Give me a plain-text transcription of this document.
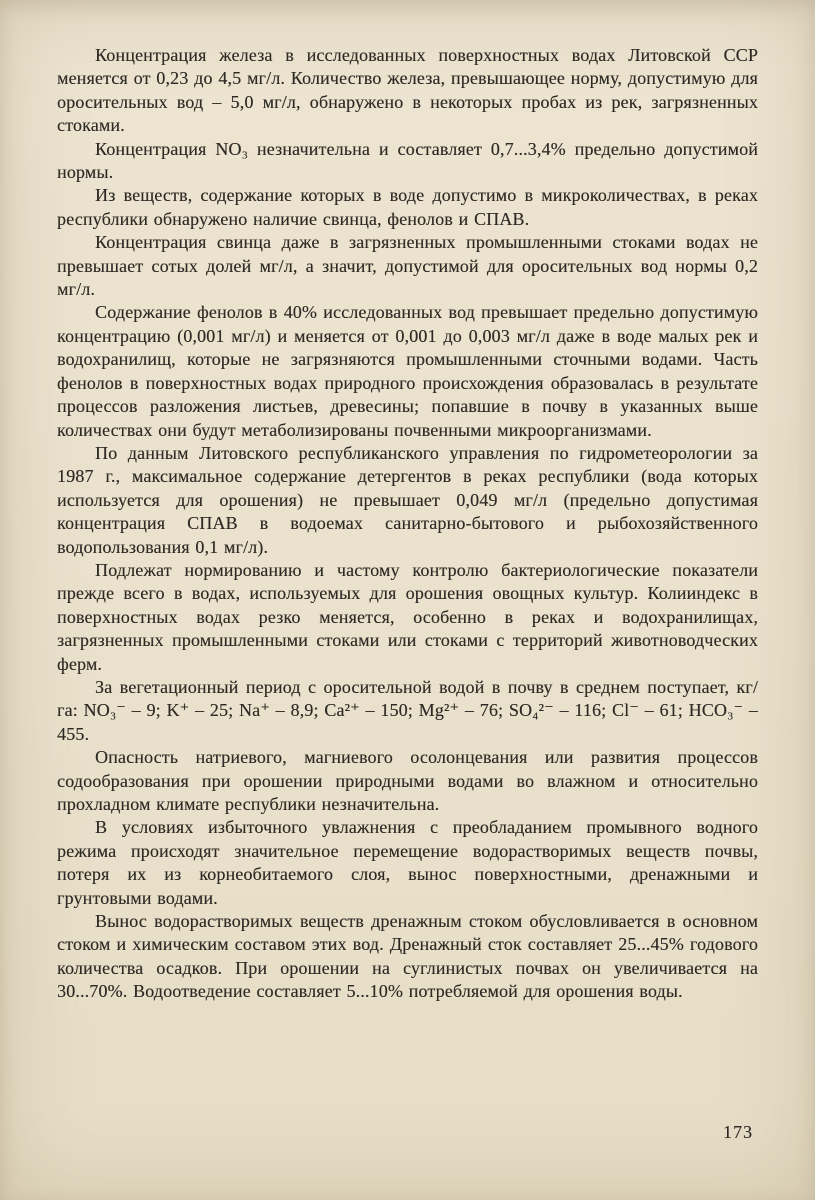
Концентрация железа в исследованных поверхностных водах Литовской ССР меняется от 0,23 до 4,5 мг/л. Количество железа, превышающее норму, допустимую для оросительных вод – 5,0 мг/л, обнаружено в некоторых пробах из рек, загрязненных стоками.

Концентрация NO₃ незначительна и составляет 0,7...3,4% предельно допустимой нормы.

Из веществ, содержание которых в воде допустимо в микроколичествах, в реках республики обнаружено наличие свинца, фенолов и СПАВ.

Концентрация свинца даже в загрязненных промышленными стоками водах не превышает сотых долей мг/л, а значит, допустимой для оросительных вод нормы 0,2 мг/л.

Содержание фенолов в 40% исследованных вод превышает предельно допустимую концентрацию (0,001 мг/л) и меняется от 0,001 до 0,003 мг/л даже в воде малых рек и водохранилищ, которые не загрязняются промышленными сточными водами. Часть фенолов в поверхностных водах природного происхождения образовалась в результате процессов разложения листьев, древесины; попавшие в почву в указанных выше количествах они будут метаболизированы почвенными микроорганизмами.

По данным Литовского республиканского управления по гидрометеорологии за 1987 г., максимальное содержание детергентов в реках республики (вода которых используется для орошения) не превышает 0,049 мг/л (предельно допустимая концентрация СПАВ в водоемах санитарно-бытового и рыбохозяйственного водопользования 0,1 мг/л).

Подлежат нормированию и частому контролю бактериологические показатели прежде всего в водах, используемых для орошения овощных культур. Колииндекс в поверхностных водах резко меняется, особенно в реках и водохранилищах, загрязненных промышленными стоками или стоками с территорий животноводческих ферм.

За вегетационный период с оросительной водой в почву в среднем поступает, кг/га: NO₃⁻ – 9; K⁺ – 25; Na⁺ – 8,9; Ca²⁺ – 150; Mg²⁺ – 76; SO₄²⁻ – 116; Cl⁻ – 61; HCO₃⁻ – 455.

Опасность натриевого, магниевого осолонцевания или развития процессов содообразования при орошении природными водами во влажном и относительно прохладном климате республики незначительна.

В условиях избыточного увлажнения с преобладанием промывного водного режима происходят значительное перемещение водорастворимых веществ почвы, потеря их из корнеобитаемого слоя, вынос поверхностными, дренажными и грунтовыми водами.

Вынос водорастворимых веществ дренажным стоком обусловливается в основном стоком и химическим составом этих вод. Дренажный сток составляет 25...45% годового количества осадков. При орошении на суглинистых почвах он увеличивается на 30...70%. Водоотведение составляет 5...10% потребляемой для орошения воды.

173
